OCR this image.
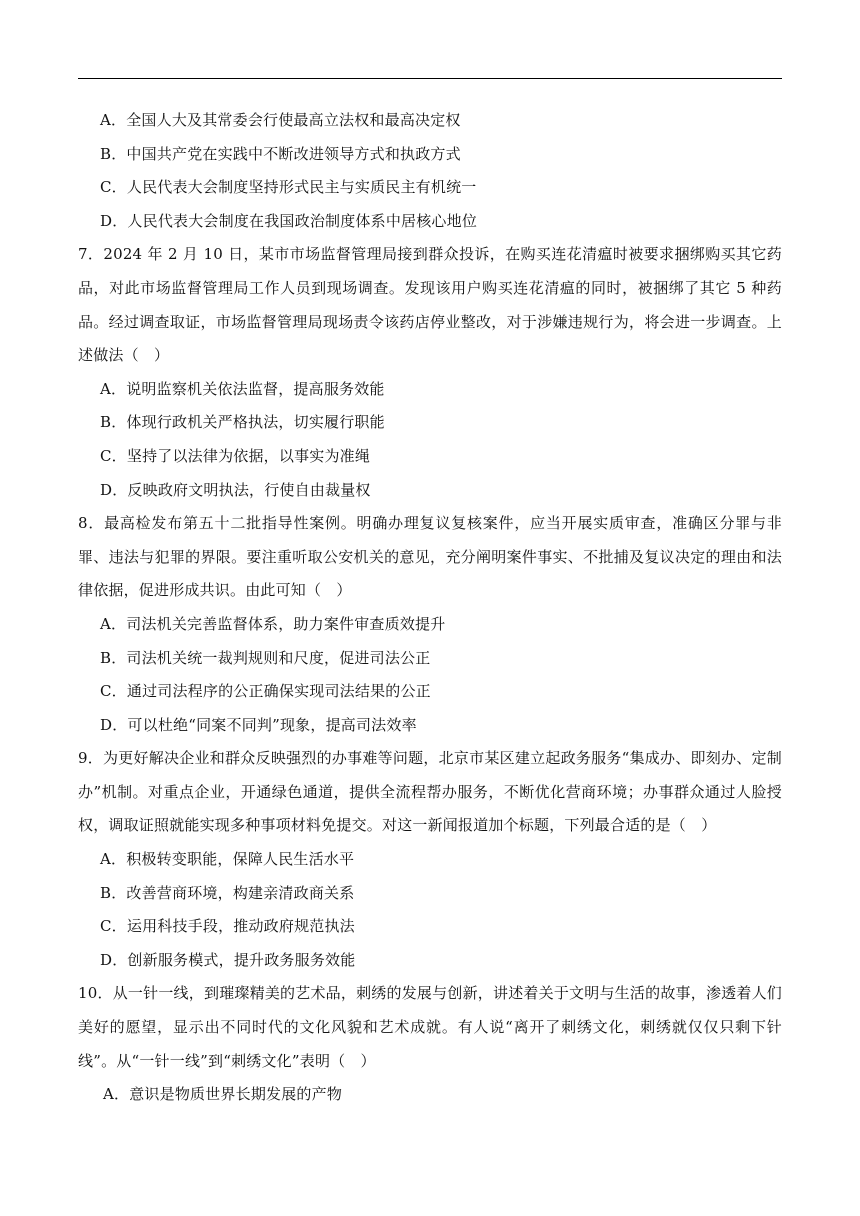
A．全国人大及其常委会行使最高立法权和最高决定权
B．中国共产党在实践中不断改进领导方式和执政方式
C．人民代表大会制度坚持形式民主与实质民主有机统一
D．人民代表大会制度在我国政治制度体系中居核心地位
7．2024 年 2 月 10 日，某市市场监督管理局接到群众投诉，在购买连花清瘟时被要求捆绑购买其它药品，对此市场监督管理局工作人员到现场调查。发现该用户购买连花清瘟的同时，被捆绑了其它 5 种药品。经过调查取证，市场监督管理局现场责令该药店停业整改，对于涉嫌违规行为，将会进一步调查。上述做法（　）
A．说明监察机关依法监督，提高服务效能
B．体现行政机关严格执法，切实履行职能
C．坚持了以法律为依据，以事实为准绳
D．反映政府文明执法，行使自由裁量权
8．最高检发布第五十二批指导性案例。明确办理复议复核案件，应当开展实质审查，准确区分罪与非罪、违法与犯罪的界限。要注重听取公安机关的意见，充分阐明案件事实、不批捕及复议决定的理由和法律依据，促进形成共识。由此可知（　）
A．司法机关完善监督体系，助力案件审查质效提升
B．司法机关统一裁判规则和尺度，促进司法公正
C．通过司法程序的公正确保实现司法结果的公正
D．可以杜绝“同案不同判”现象，提高司法效率
9．为更好解决企业和群众反映强烈的办事难等问题，北京市某区建立起政务服务“集成办、即刻办、定制办”机制。对重点企业，开通绿色通道，提供全流程帮办服务，不断优化营商环境；办事群众通过人脸授权，调取证照就能实现多种事项材料免提交。对这一新闻报道加个标题，下列最合适的是（　）
A．积极转变职能，保障人民生活水平
B．改善营商环境，构建亲清政商关系
C．运用科技手段，推动政府规范执法
D．创新服务模式，提升政务服务效能
10．从一针一线，到璀璨精美的艺术品，刺绣的发展与创新，讲述着关于文明与生活的故事，渗透着人们美好的愿望，显示出不同时代的文化风貌和艺术成就。有人说“离开了刺绣文化，刺绣就仅仅只剩下针线”。从“一针一线”到“刺绣文化”表明（　）
A．意识是物质世界长期发展的产物
